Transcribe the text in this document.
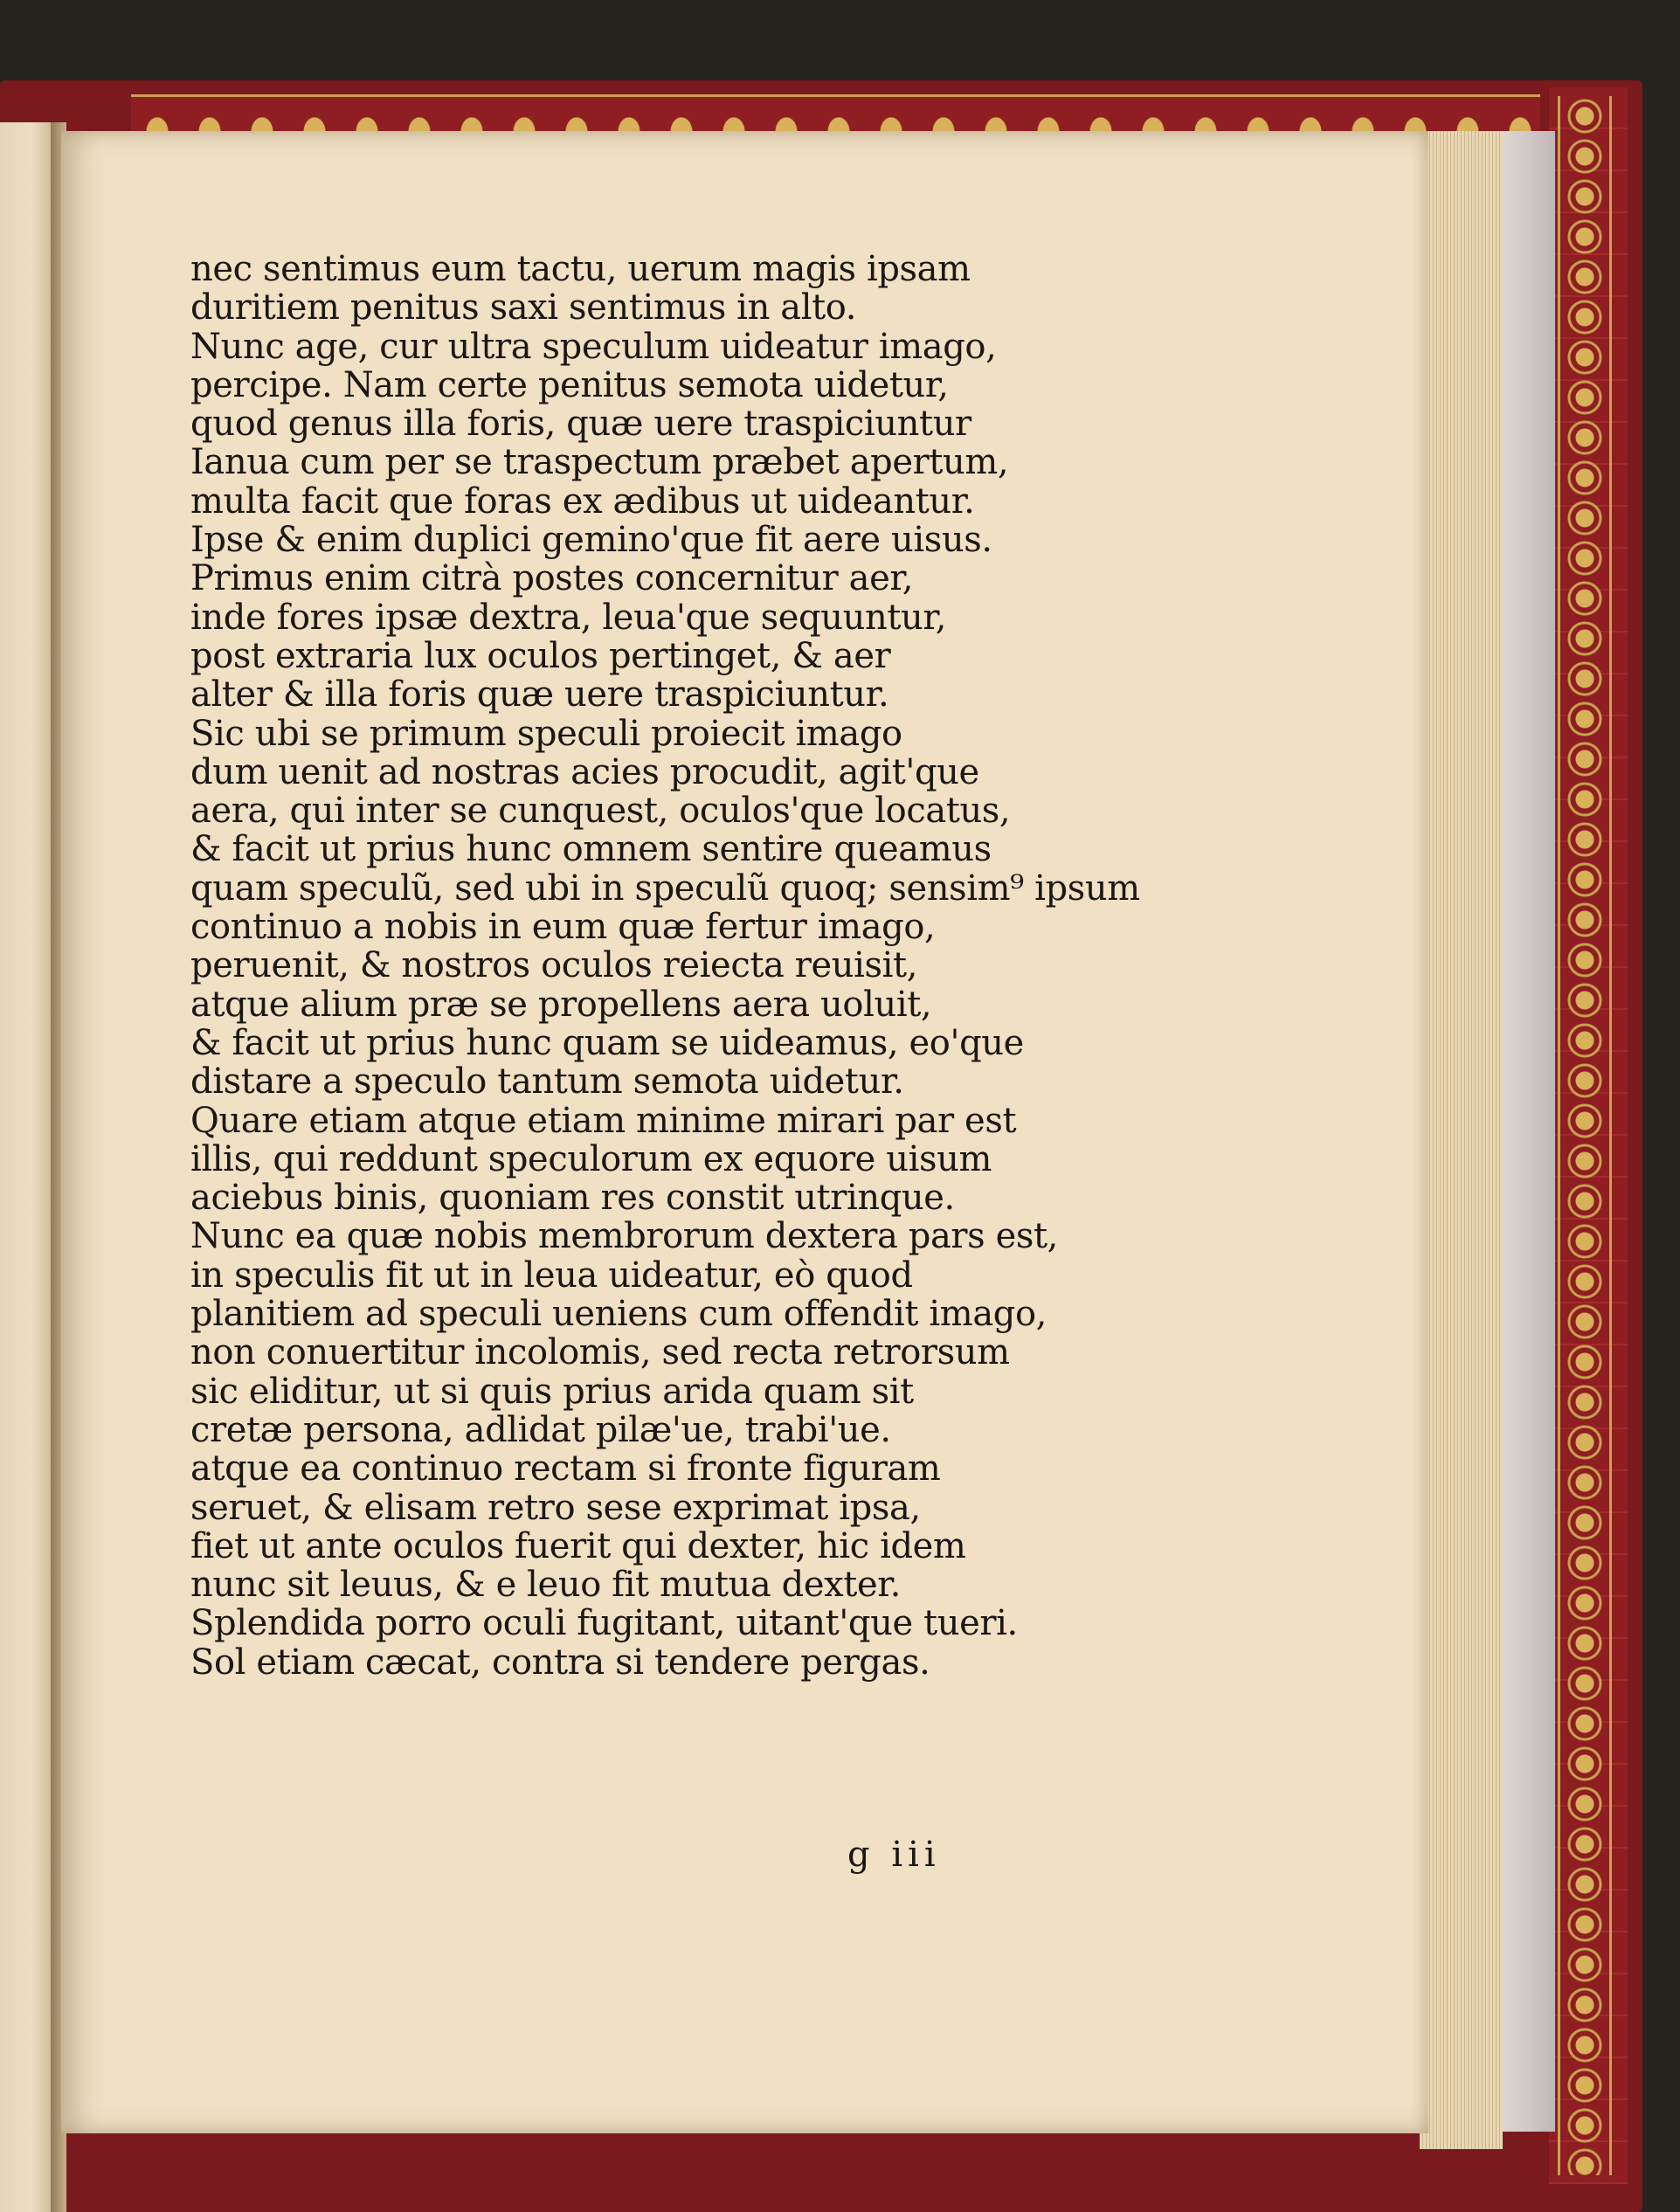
nec sentimus eum tactu, uerum magis ipsam
duritiem penitus saxi sentimus in alto.
Nunc age, cur ultra speculum uideatur imago,
percipe. Nam certe penitus semota uidetur,
quod genus illa foris, quæ uere traspiciuntur
Ianua cum per se traspectum præbet apertum,
multa facit que foras ex ædibus ut uideantur.
Ipse & enim duplici gemino'que fit aere uisus.
Primus enim citrà postes concernitur aer,
inde fores ipsæ dextra, leua'que sequuntur,
post extraria lux oculos pertinget, & aer
alter & illa foris quæ uere traspiciuntur.
Sic ubi se primum speculi proiecit imago
dum uenit ad nostras acies procudit, agit'que
aera, qui inter se cunquest, oculos'que locatus,
& facit ut prius hunc omnem sentire queamus
quam speculũ, sed ubi in speculũ quoq; sensim⁹ ipsum
continuo a nobis in eum quæ fertur imago,
peruenit, & nostros oculos reiecta reuisit,
atque alium præ se propellens aera uoluit,
& facit ut prius hunc quam se uideamus, eo'que
distare a speculo tantum semota uidetur.
Quare etiam atque etiam minime mirari par est
illis, qui reddunt speculorum ex equore uisum
aciebus binis, quoniam res constit utrinque.
Nunc ea quæ nobis membrorum dextera pars est,
in speculis fit ut in leua uideatur, eò quod
planitiem ad speculi ueniens cum offendit imago,
non conuertitur incolomis, sed recta retrorsum
sic eliditur, ut si quis prius arida quam sit
cretæ persona, adlidat pilæ'ue, trabi'ue.
atque ea continuo rectam si fronte figuram
seruet, & elisam retro sese exprimat ipsa,
fiet ut ante oculos fuerit qui dexter, hic idem
nunc sit leuus, & e leuo fit mutua dexter.
Splendida porro oculi fugitant, uitant'que tueri.
Sol etiam cæcat, contra si tendere pergas.
g iii
